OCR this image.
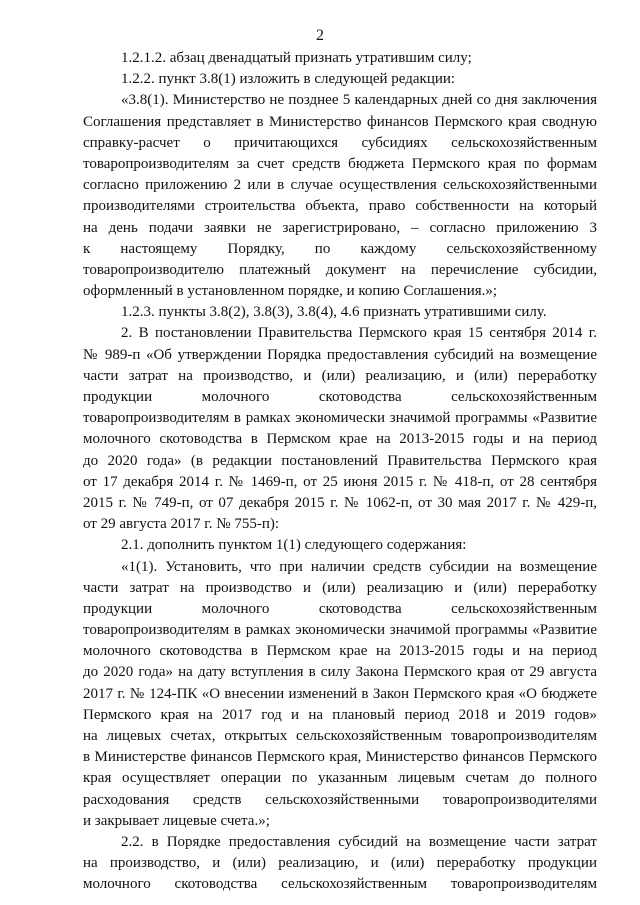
2
1.2.1.2. абзац двенадцатый признать утратившим силу;
1.2.2. пункт 3.8(1) изложить в следующей редакции:
«3.8(1). Министерство не позднее 5 календарных дней со дня заключения
Соглашения представляет в Министерство финансов Пермского края сводную
справку-расчет о причитающихся субсидиях сельскохозяйственным
товаропроизводителям за счет средств бюджета Пермского края по формам
согласно приложению 2 или в случае осуществления сельскохозяйственными
производителями строительства объекта, право собственности на который
на день подачи заявки не зарегистрировано, – согласно приложению 3
к настоящему Порядку, по каждому сельскохозяйственному
товаропроизводителю платежный документ на перечисление субсидии,
оформленный в установленном порядке, и копию Соглашения.»;
1.2.3. пункты 3.8(2), 3.8(3), 3.8(4), 4.6 признать утратившими силу.
2. В постановлении Правительства Пермского края 15 сентября 2014 г.
№ 989-п «Об утверждении Порядка предоставления субсидий на возмещение
части затрат на производство, и (или) реализацию, и (или) переработку
продукции молочного скотоводства сельскохозяйственным
товаропроизводителям в рамках экономически значимой программы «Развитие
молочного скотоводства в Пермском крае на 2013-2015 годы и на период
до 2020 года» (в редакции постановлений Правительства Пермского края
от 17 декабря 2014 г. № 1469-п, от 25 июня 2015 г. № 418-п, от 28 сентября
2015 г. № 749-п, от 07 декабря 2015 г. № 1062-п, от 30 мая 2017 г. № 429-п,
от 29 августа 2017 г. № 755-п):
2.1. дополнить пунктом 1(1) следующего содержания:
«1(1). Установить, что при наличии средств субсидии на возмещение
части затрат на производство и (или) реализацию и (или) переработку
продукции молочного скотоводства сельскохозяйственным
товаропроизводителям в рамках экономически значимой программы «Развитие
молочного скотоводства в Пермском крае на 2013-2015 годы и на период
до 2020 года» на дату вступления в силу Закона Пермского края от 29 августа
2017 г. № 124-ПК «О внесении изменений в Закон Пермского края «О бюджете
Пермского края на 2017 год и на плановый период 2018 и 2019 годов»
на лицевых счетах, открытых сельскохозяйственным товаропроизводителям
в Министерстве финансов Пермского края, Министерство финансов Пермского
края осуществляет операции по указанным лицевым счетам до полного
расходования средств сельскохозяйственными товаропроизводителями
и закрывает лицевые счета.»;
2.2. в Порядке предоставления субсидий на возмещение части затрат
на производство, и (или) реализацию, и (или) переработку продукции
молочного скотоводства сельскохозяйственным товаропроизводителям
